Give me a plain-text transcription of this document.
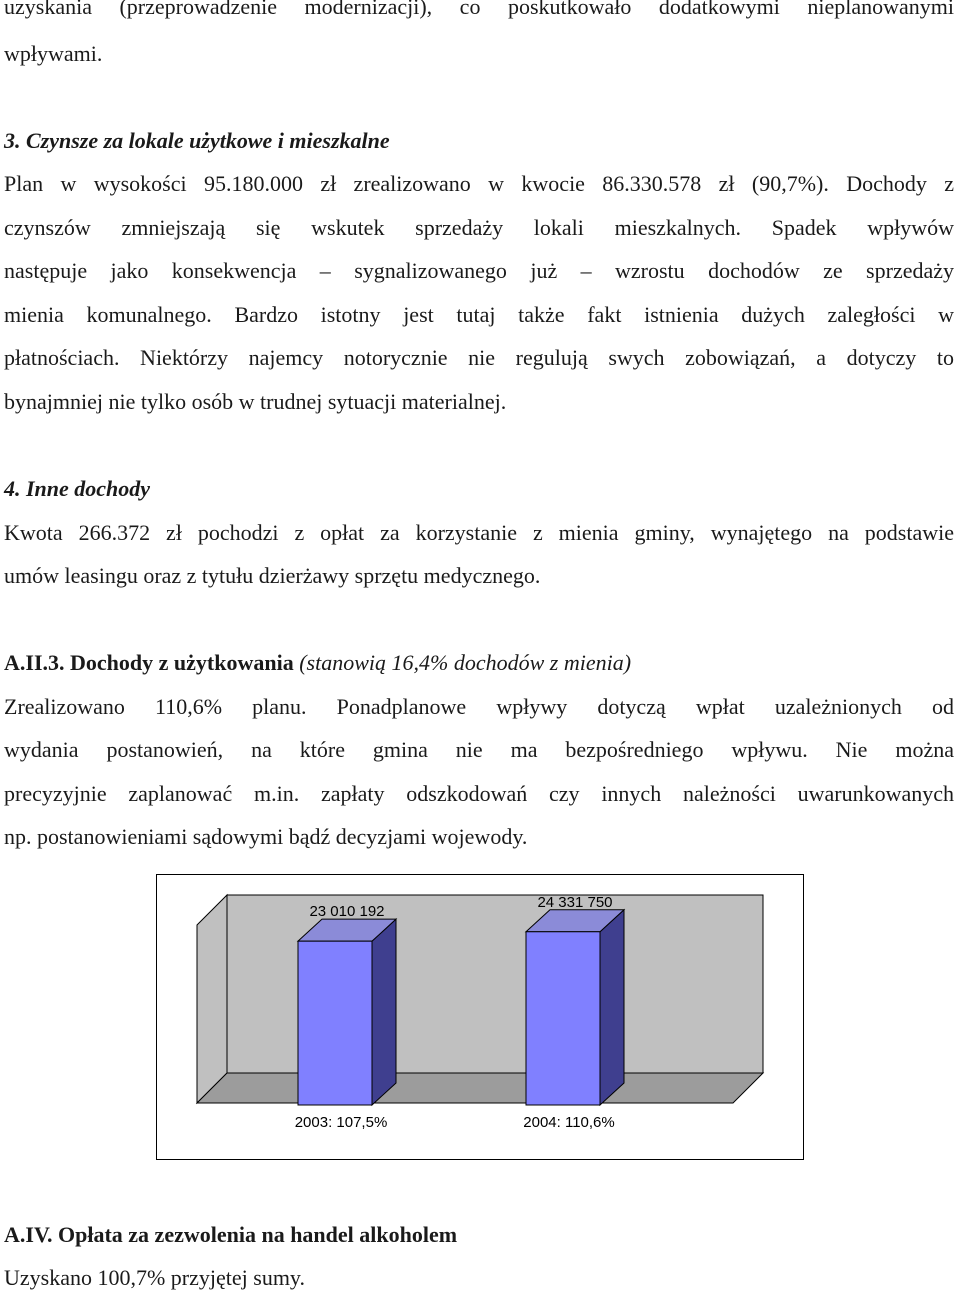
uzyskania (przeprowadzenie modernizacji), co poskutkowało dodatkowymi nieplanowanymi
wpływami.
3. Czynsze za lokale użytkowe i mieszkalne
Plan w wysokości 95.180.000 zł zrealizowano w kwocie 86.330.578 zł (90,7%). Dochody z
czynszów zmniejszają się wskutek sprzedaży lokali mieszkalnych. Spadek wpływów
następuje jako konsekwencja – sygnalizowanego już – wzrostu dochodów ze sprzedaży
mienia komunalnego. Bardzo istotny jest tutaj także fakt istnienia dużych zaległości w
płatnościach. Niektórzy najemcy notorycznie nie regulują swych zobowiązań, a dotyczy to
bynajmniej nie tylko osób w trudnej sytuacji materialnej.
4. Inne dochody
Kwota 266.372 zł pochodzi z opłat za korzystanie z mienia gminy, wynajętego na podstawie
umów leasingu oraz z tytułu dzierżawy sprzętu medycznego.
A.II.3. Dochody z użytkowania (stanowią 16,4% dochodów z mienia)
Zrealizowano 110,6% planu. Ponadplanowe wpływy dotyczą wpłat uzależnionych od
wydania postanowień, na które gmina nie ma bezpośredniego wpływu. Nie można
precyzyjnie zaplanować m.in. zapłaty odszkodowań czy innych należności uwarunkowanych
np. postanowieniami sądowymi bądź decyzjami wojewody.
23 010 192
2003: 107,5%
24 331 750
2004: 110,6%
A.IV. Opłata za zezwolenia na handel alkoholem
Uzyskano 100,7% przyjętej sumy.
